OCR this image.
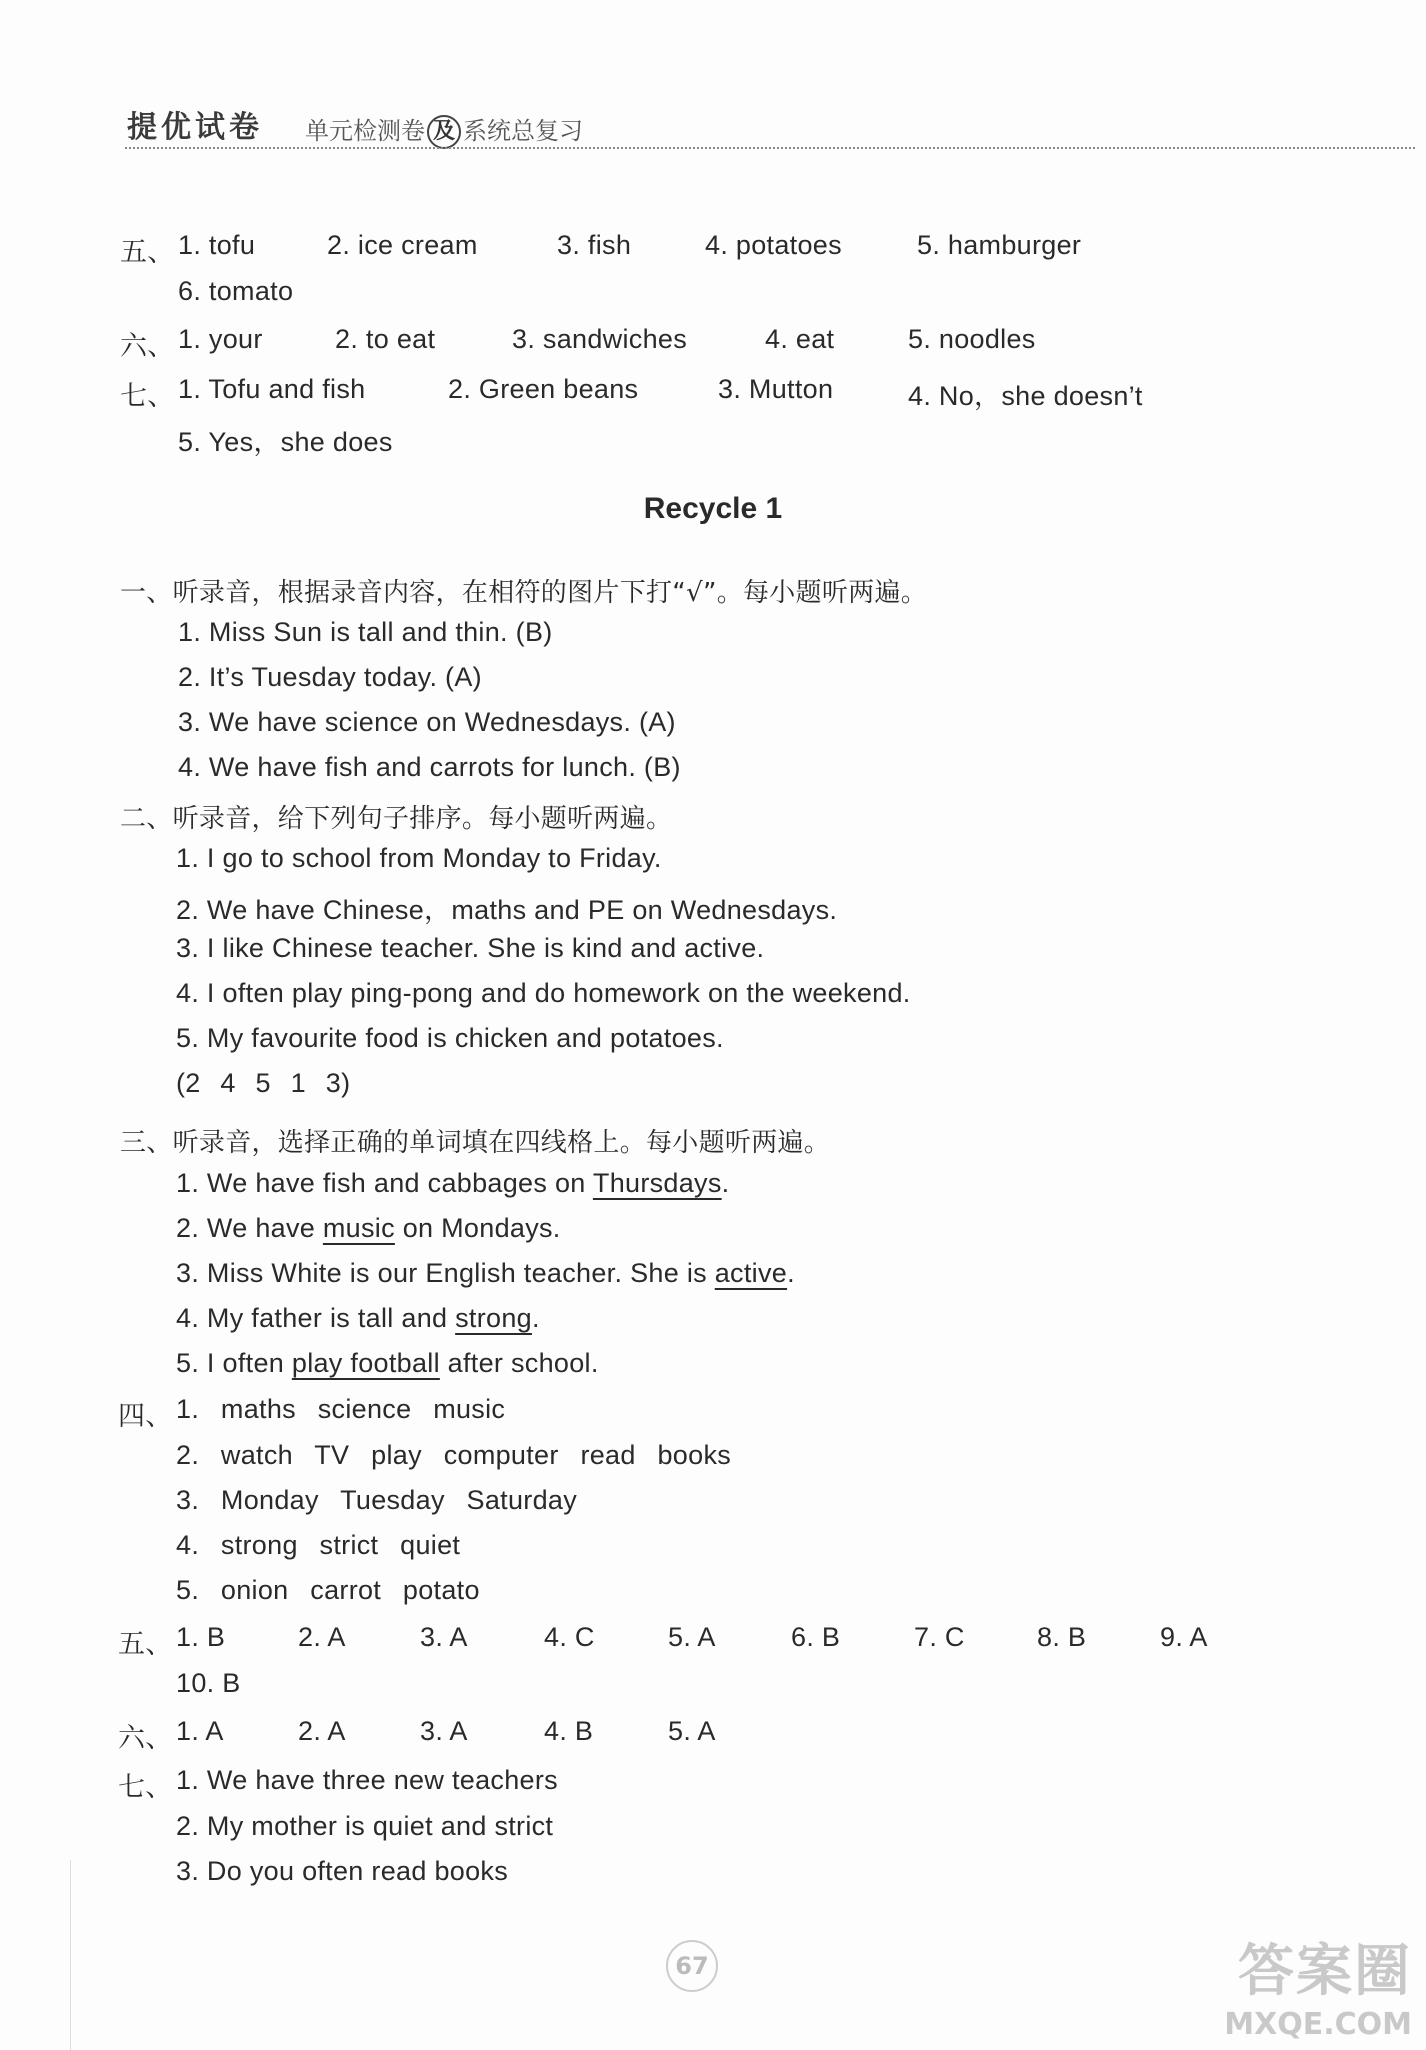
提优试卷 单元检测卷 及 系统总复习
五、 1. tofu	2. ice cream	3. fish	4. potatoes	5. hamburger
6. tomato
六、 1. your	2. to eat	3. sandwiches	4. eat	5. noodles
七、 1. Tofu and fish	2. Green beans	3. Mutton	4. No，she doesn’t
5. Yes，she does
Recycle 1
一、听录音，根据录音内容，在相符的图片下打“√”。每小题听两遍。
1. Miss Sun is tall and thin. (B)
2. It’s Tuesday today. (A)
3. We have science on Wednesdays. (A)
4. We have fish and carrots for lunch. (B)
二、听录音，给下列句子排序。每小题听两遍。
1. I go to school from Monday to Friday.
2. We have Chinese，maths and PE on Wednesdays.
3. I like Chinese teacher. She is kind and active.
4. I often play ping-pong and do homework on the weekend.
5. My favourite food is chicken and potatoes.
(2 4 5 1 3)
三、听录音，选择正确的单词填在四线格上。每小题听两遍。
1. We have fish and cabbages on Thursdays.
2. We have music on Mondays.
3. Miss White is our English teacher. She is active.
4. My father is tall and strong.
5. I often play football after school.
四、 1. maths science music
2. watch TV play computer read books
3. Monday Tuesday Saturday
4. strong strict quiet
5. onion carrot potato
五、 1. B	2. A	3. A	4. C	5. A	6. B	7. C	8. B	9. A
10. B
六、 1. A	2. A	3. A	4. B	5. A
七、 1. We have three new teachers
2. My mother is quiet and strict
3. Do you often read books
67	答案圈
MXQE.COM
